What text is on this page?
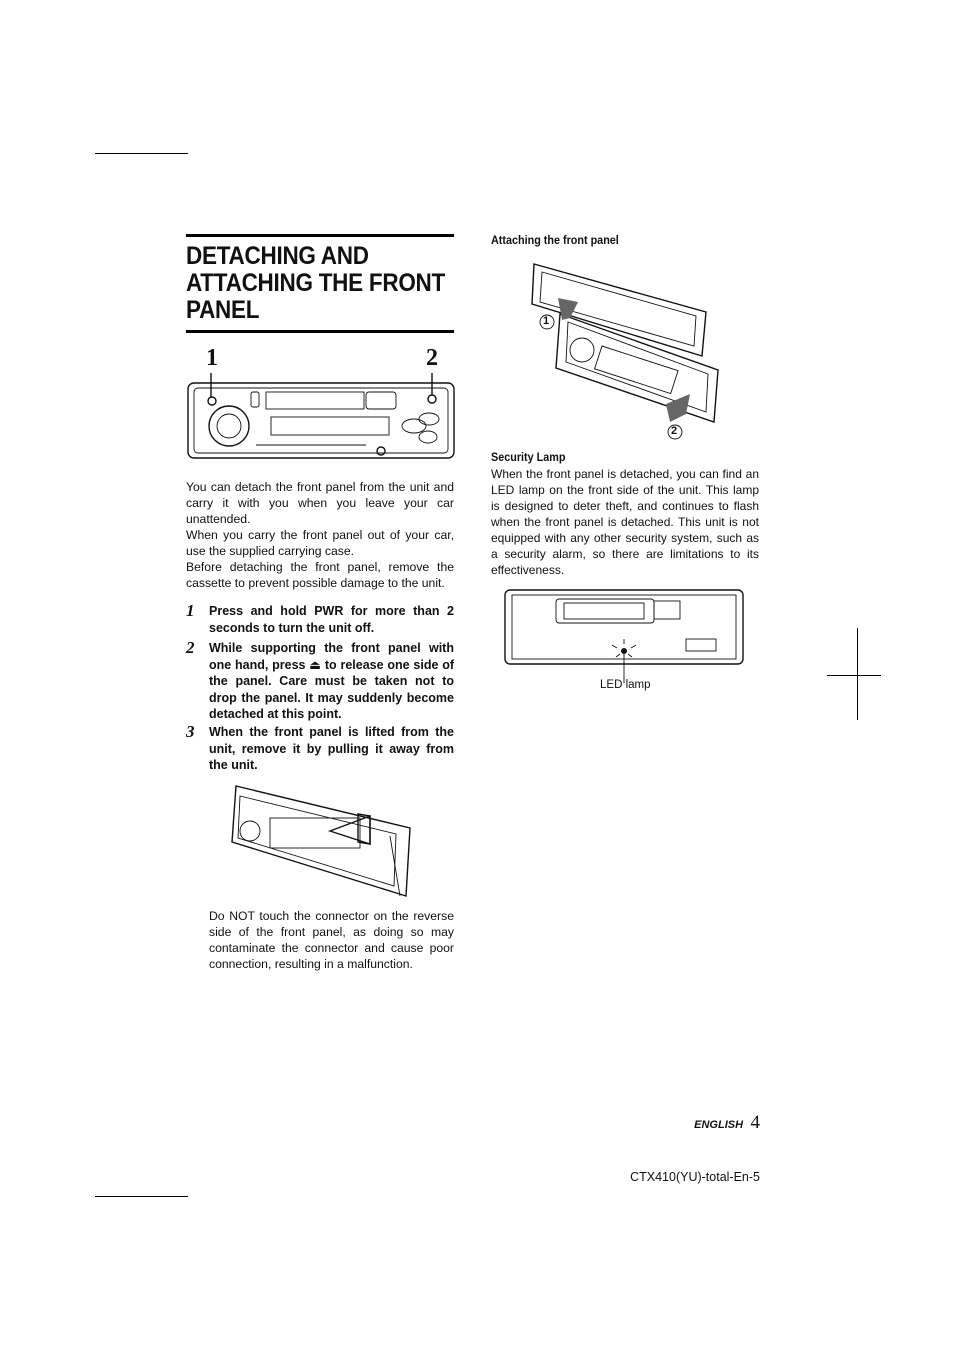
DETACHING AND ATTACHING THE FRONT PANEL
1	2

You can detach the front panel from the unit and carry it with you when you leave your car unattended.

When you carry the front panel out of your car, use the supplied carrying case.

Before detaching the front panel, remove the cassette to prevent possible damage to the unit.

1 Press and hold PWR for more than 2 seconds to turn the unit off.

2 While supporting the front panel with one hand, press ⏏ to release one side of the panel. Care must be taken not to drop the panel. It may suddenly become detached at this point.

3 When the front panel is lifted from the unit, remove it by pulling it away from the unit.

Do NOT touch the connector on the reverse side of the front panel, as doing so may contaminate the connector and cause poor connection, resulting in a malfunction.

Attaching the front panel
1
2
Security Lamp

When the front panel is detached, you can find an LED lamp on the front side of the unit. This lamp is designed to deter theft, and continues to flash when the front panel is detached. This unit is not equipped with any other security system, such as a security alarm, so there are limitations to its effectiveness.

LED lamp
ENGLISH 4
CTX410(YU)-total-En-5
